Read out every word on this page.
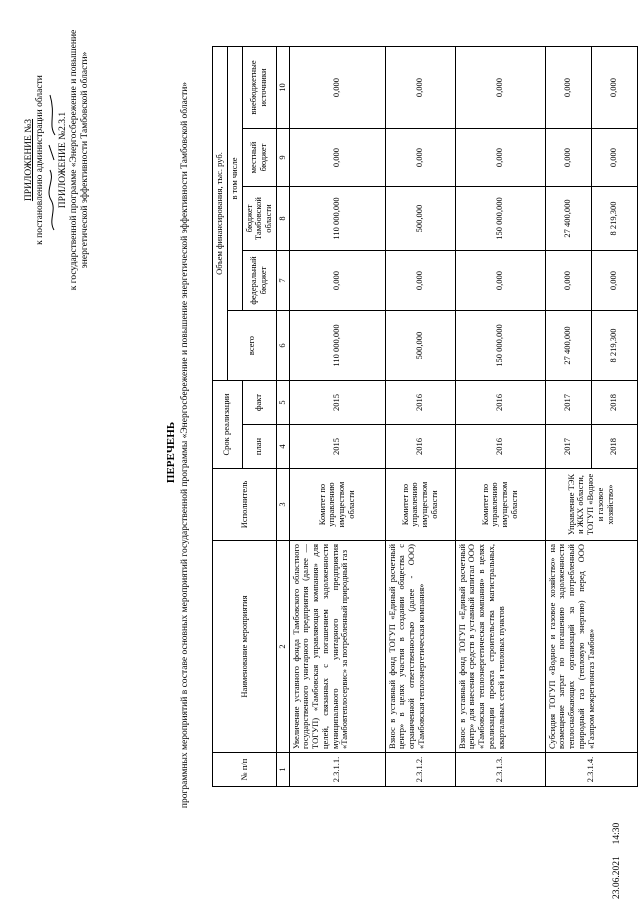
ПРИЛОЖЕНИЕ №3 к постановлению администрации области ПРИЛОЖЕНИЕ №2.3.1 к государственной программе «Энергосбережение и повышение энергетической эффективности Тамбовской области»
ПЕРЕЧЕНЬ программных мероприятий в составе основных мероприятий государственной программы «Энергосбережение и повышение энергетической эффективности Тамбовской области»	№ п/п	Наименование мероприятия	Исполнитель	Срок реализации		Объем финансирования, тыс. руб.				
					всего	в том числе			
			план	факт		федеральный бюджет	бюджет Тамбовской области	местный бюджет	внебюджетные источники
1	2	3	4	5	6	7	8	9	10
2.3.1.1.	Увеличение уставного фонда Тамбовского областного государственного унитарного предприятия (далее — ТОГУП) «Тамбовская управляющая компания» для целей, связанных с погашением задолженности муниципального унитарного предприятия «Тамбовтеплосервис» за потребленный природный газ	Комитет по управлению имуществом области	2015	2015	110 000,000	0,000	110 000,000	0,000	0,000
2.3.1.2.	Взнос в уставный фонд ТОГУП «Единый расчетный центр» в целях участия в создании общества с ограниченной ответственностью (далее - ООО) «Тамбовская теплоэнергетическая компания»	Комитет по управлению имуществом области	2016	2016	500,000	0,000	500,000	0,000	0,000
2.3.1.3.	Взнос в уставный фонд ТОГУП «Единый расчетный центр» для внесения средств в уставный капитал ООО «Тамбовская теплоэнергетическая компания» в целях реализации проекта строительства магистральных, квартальных сетей и тепловых пунктов	Комитет по управлению имуществом области	2016	2016	150 000,000	0,000	150 000,000	0,000	0,000
2.3.1.4.	Субсидия ТОГУП «Водное и газовое хозяйство» на возмещение затрат по погашению задолженности теплоснабжающих организаций за потребленный природный газ (тепловую энергию) перед ООО «Газпром межрегионгаз Тамбов»	Управление ТЭК и ЖКХ области, ТОГУП «Водное и газовое хозяйство»	2017	2017	27 400,000	0,000	27 400,000	0,000	0,000
			2018	2018	8 219,300	0,000	8 219,300	0,000	0,000
23.06.2021     14:30
